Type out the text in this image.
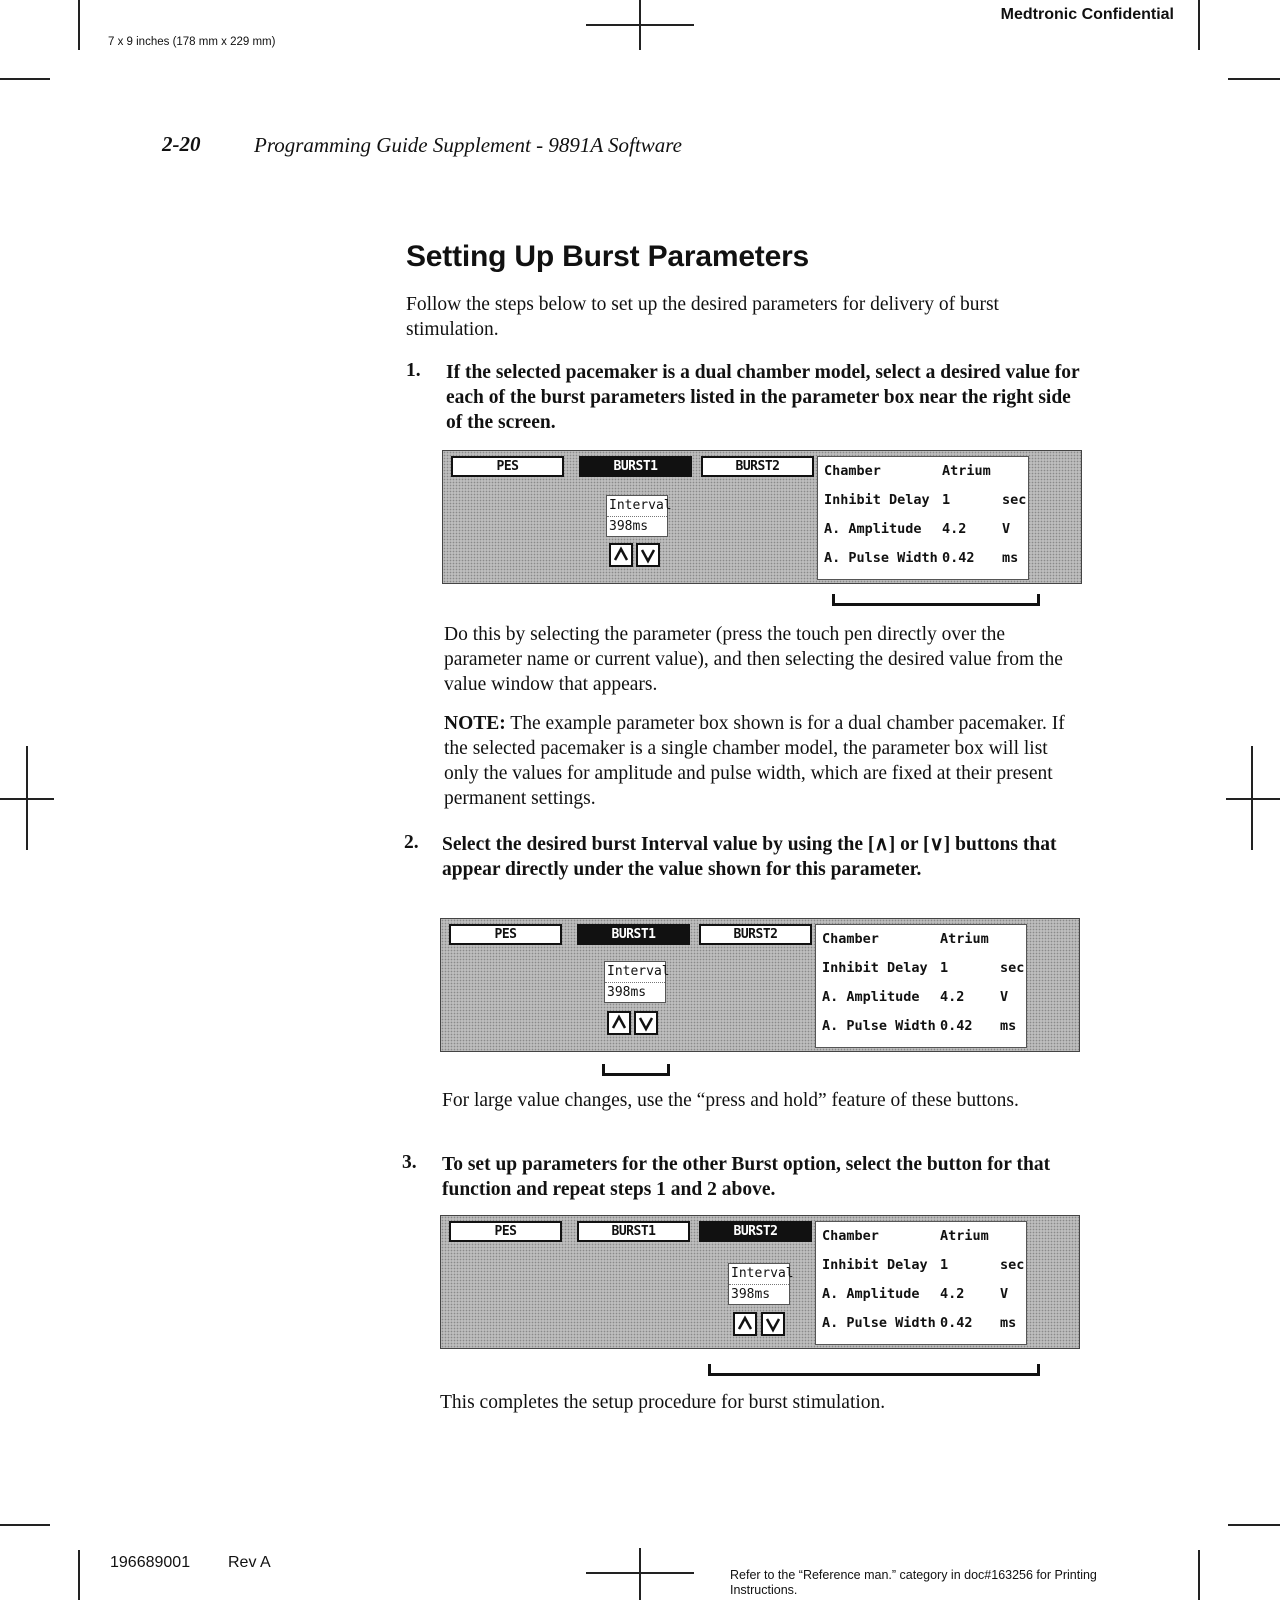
Medtronic Confidential
7 x 9 inches (178 mm x 229 mm)
2-20	Programming Guide Supplement - 9891A Software
Setting Up Burst Parameters
Follow the steps below to set up the desired parameters for delivery of burst stimulation.
1. If the selected pacemaker is a dual chamber model, select a desired value for each of the burst parameters listed in the parameter box near the right side of the screen.
PES	BURST1	BURST2
Interval
398ms
Chamber	Atrium
Inhibit Delay 1	sec
A. Amplitude 4.2	V
A. Pulse Width 0.42 ms
Do this by selecting the parameter (press the touch pen directly over the parameter name or current value), and then selecting the desired value from the value window that appears.
NOTE: The example parameter box shown is for a dual chamber pacemaker. If the selected pacemaker is a single chamber model, the parameter box will list only the values for amplitude and pulse width, which are fixed at their present permanent settings.
2. Select the desired burst Interval value by using the [∧] or [∨] buttons that appear directly under the value shown for this parameter.
PES	BURST1	BURST2
Interval
398ms
Chamber	Atrium
Inhibit Delay 1	sec
A. Amplitude 4.2	V
A. Pulse Width 0.42 ms
For large value changes, use the “press and hold” feature of these buttons.
3. To set up parameters for the other Burst option, select the button for that function and repeat steps 1 and 2 above.
PES	BURST1	BURST2
Interval
398ms
Chamber	Atrium
Inhibit Delay 1	sec
A. Amplitude 4.2	V
A. Pulse Width 0.42 ms
This completes the setup procedure for burst stimulation.
196689001 Rev A
Refer to the “Reference man.” category in doc#163256 for Printing Instructions.
